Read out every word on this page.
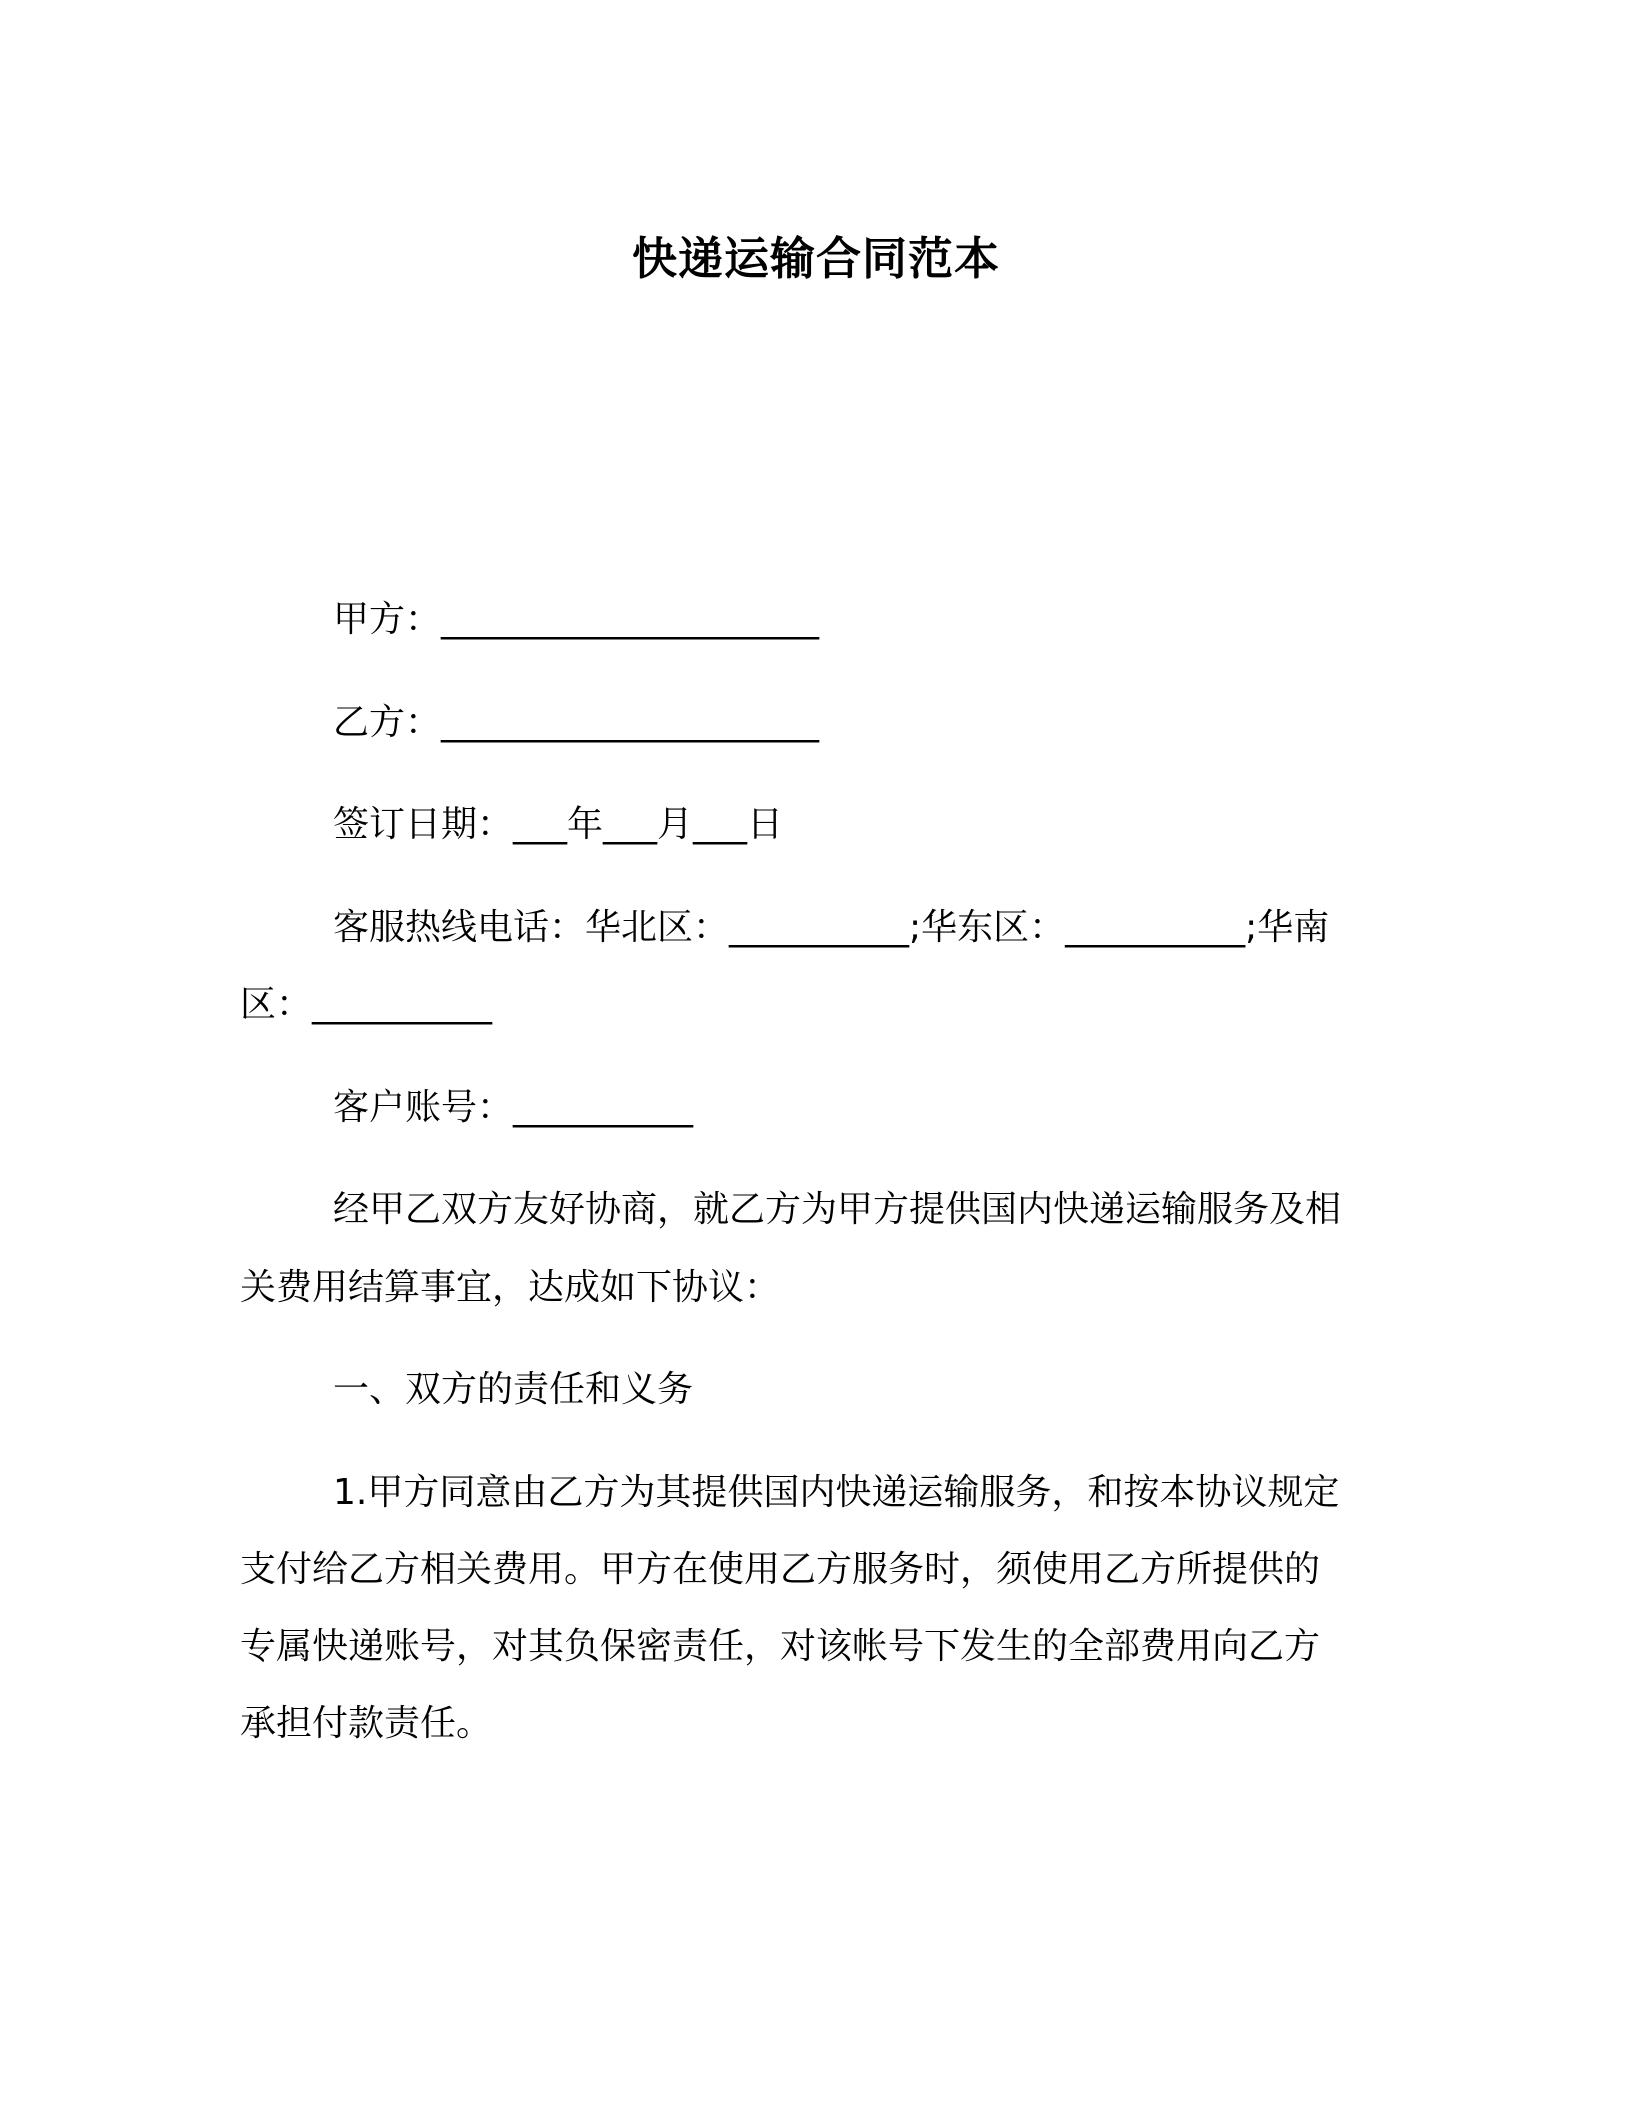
快递运输合同范本

甲方：_____________________

乙方：_____________________

签订日期：___年___月___日

客服热线电话：华北区：__________;华东区：__________;华南

区：__________

客户账号：__________

经甲乙双方友好协商，就乙方为甲方提供国内快递运输服务及相

关费用结算事宜，达成如下协议：

一、双方的责任和义务

1.甲方同意由乙方为其提供国内快递运输服务，和按本协议规定

支付给乙方相关费用。甲方在使用乙方服务时，须使用乙方所提供的

专属快递账号，对其负保密责任，对该帐号下发生的全部费用向乙方

承担付款责任。
